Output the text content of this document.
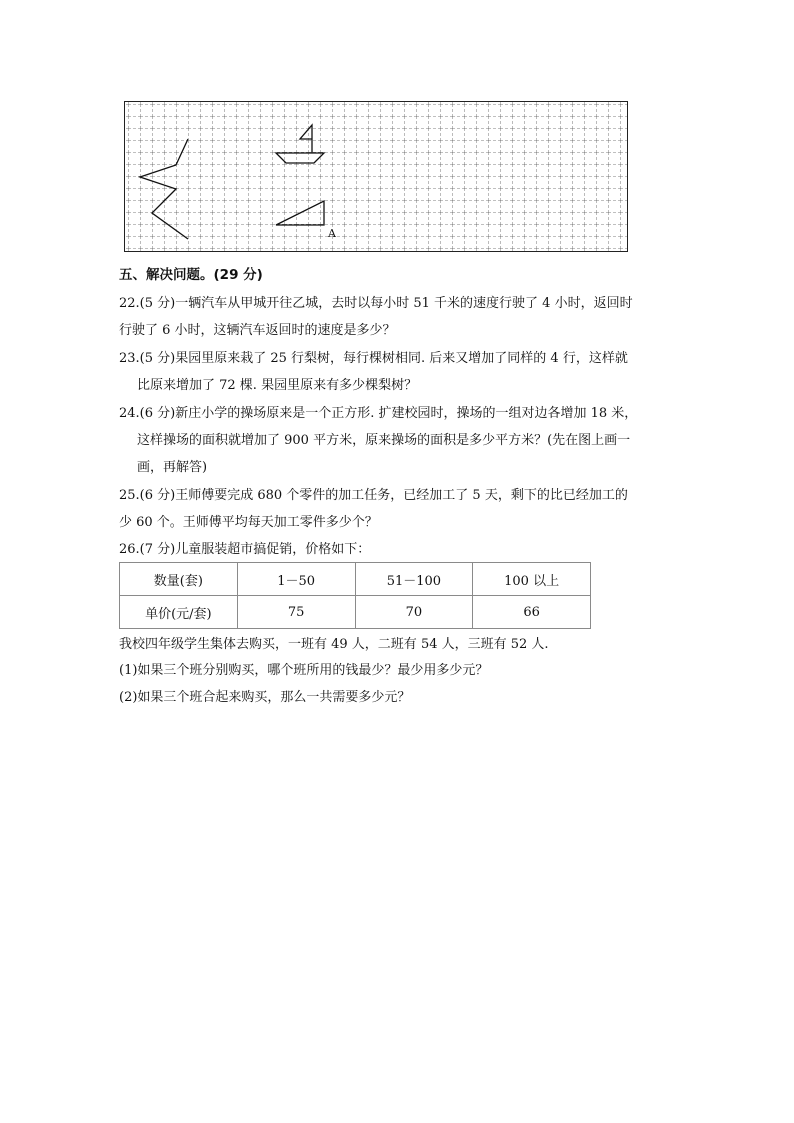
A
五、解决问题。(29 分)
22.(5 分)一辆汽车从甲城开往乙城，去时以每小时 51 千米的速度行驶了 4 小时，返回时
行驶了 6 小时，这辆汽车返回时的速度是多少？
23.(5 分)果园里原来栽了 25 行梨树，每行棵树相同. 后来又增加了同样的 4 行，这样就
比原来增加了 72 棵. 果园里原来有多少棵梨树？
24.(6 分)新庄小学的操场原来是一个正方形. 扩建校园时，操场的一组对边各增加 18 米，
这样操场的面积就增加了 900 平方米，原来操场的面积是多少平方米？(先在图上画一
画，再解答)
25.(6 分)王师傅要完成 680 个零件的加工任务，已经加工了 5 天，剩下的比已经加工的
少 60 个。王师傅平均每天加工零件多少个？
26.(7 分)儿童服装超市搞促销，价格如下：
数量(套)	1－50	51－100	100 以上
单价(元/套)	75	70	66
我校四年级学生集体去购买，一班有 49 人，二班有 54 人，三班有 52 人.
(1)如果三个班分别购买，哪个班所用的钱最少？最少用多少元？
(2)如果三个班合起来购买，那么一共需要多少元？
